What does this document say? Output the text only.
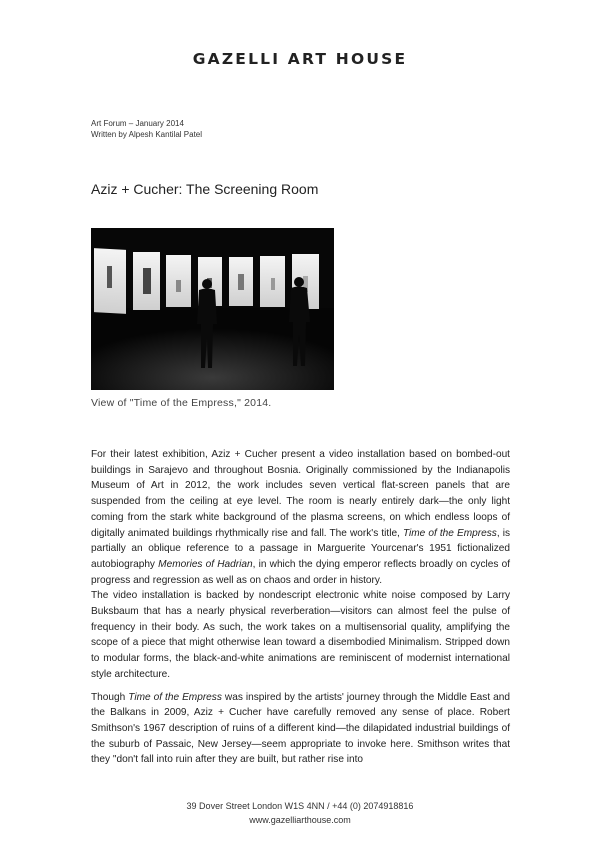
GAZELLI ART HOUSE
Art Forum – January 2014
Written by Alpesh Kantilal Patel
Aziz + Cucher: The Screening Room
View of "Time of the Empress," 2014.

For their latest exhibition, Aziz + Cucher present a video installation based on bombed-out buildings in Sarajevo and throughout Bosnia. Originally commissioned by the Indianapolis Museum of Art in 2012, the work includes seven vertical flat-screen panels that are suspended from the ceiling at eye level. The room is nearly entirely dark—the only light coming from the stark white background of the plasma screens, on which endless loops of digitally animated buildings rhythmically rise and fall. The work's title, Time of the Empress, is partially an oblique reference to a passage in Marguerite Yourcenar's 1951 fictionalized autobiography Memories of Hadrian, in which the dying emperor reflects broadly on cycles of progress and regression as well as on chaos and order in history.

The video installation is backed by nondescript electronic white noise composed by Larry Buksbaum that has a nearly physical reverberation—visitors can almost feel the pulse of frequency in their body. As such, the work takes on a multisensorial quality, amplifying the scope of a piece that might otherwise lean toward a disembodied Minimalism. Stripped down to modular forms, the black-and-white animations are reminiscent of modernist international style architecture.

Though Time of the Empress was inspired by the artists' journey through the Middle East and the Balkans in 2009, Aziz + Cucher have carefully removed any sense of place. Robert Smithson's 1967 description of ruins of a different kind—the dilapidated industrial buildings of the suburb of Passaic, New Jersey—seem appropriate to invoke here. Smithson writes that they "don't fall into ruin after they are built, but rather rise into

39 Dover Street London W1S 4NN / +44 (0) 2074918816
www.gazelliarthouse.com
